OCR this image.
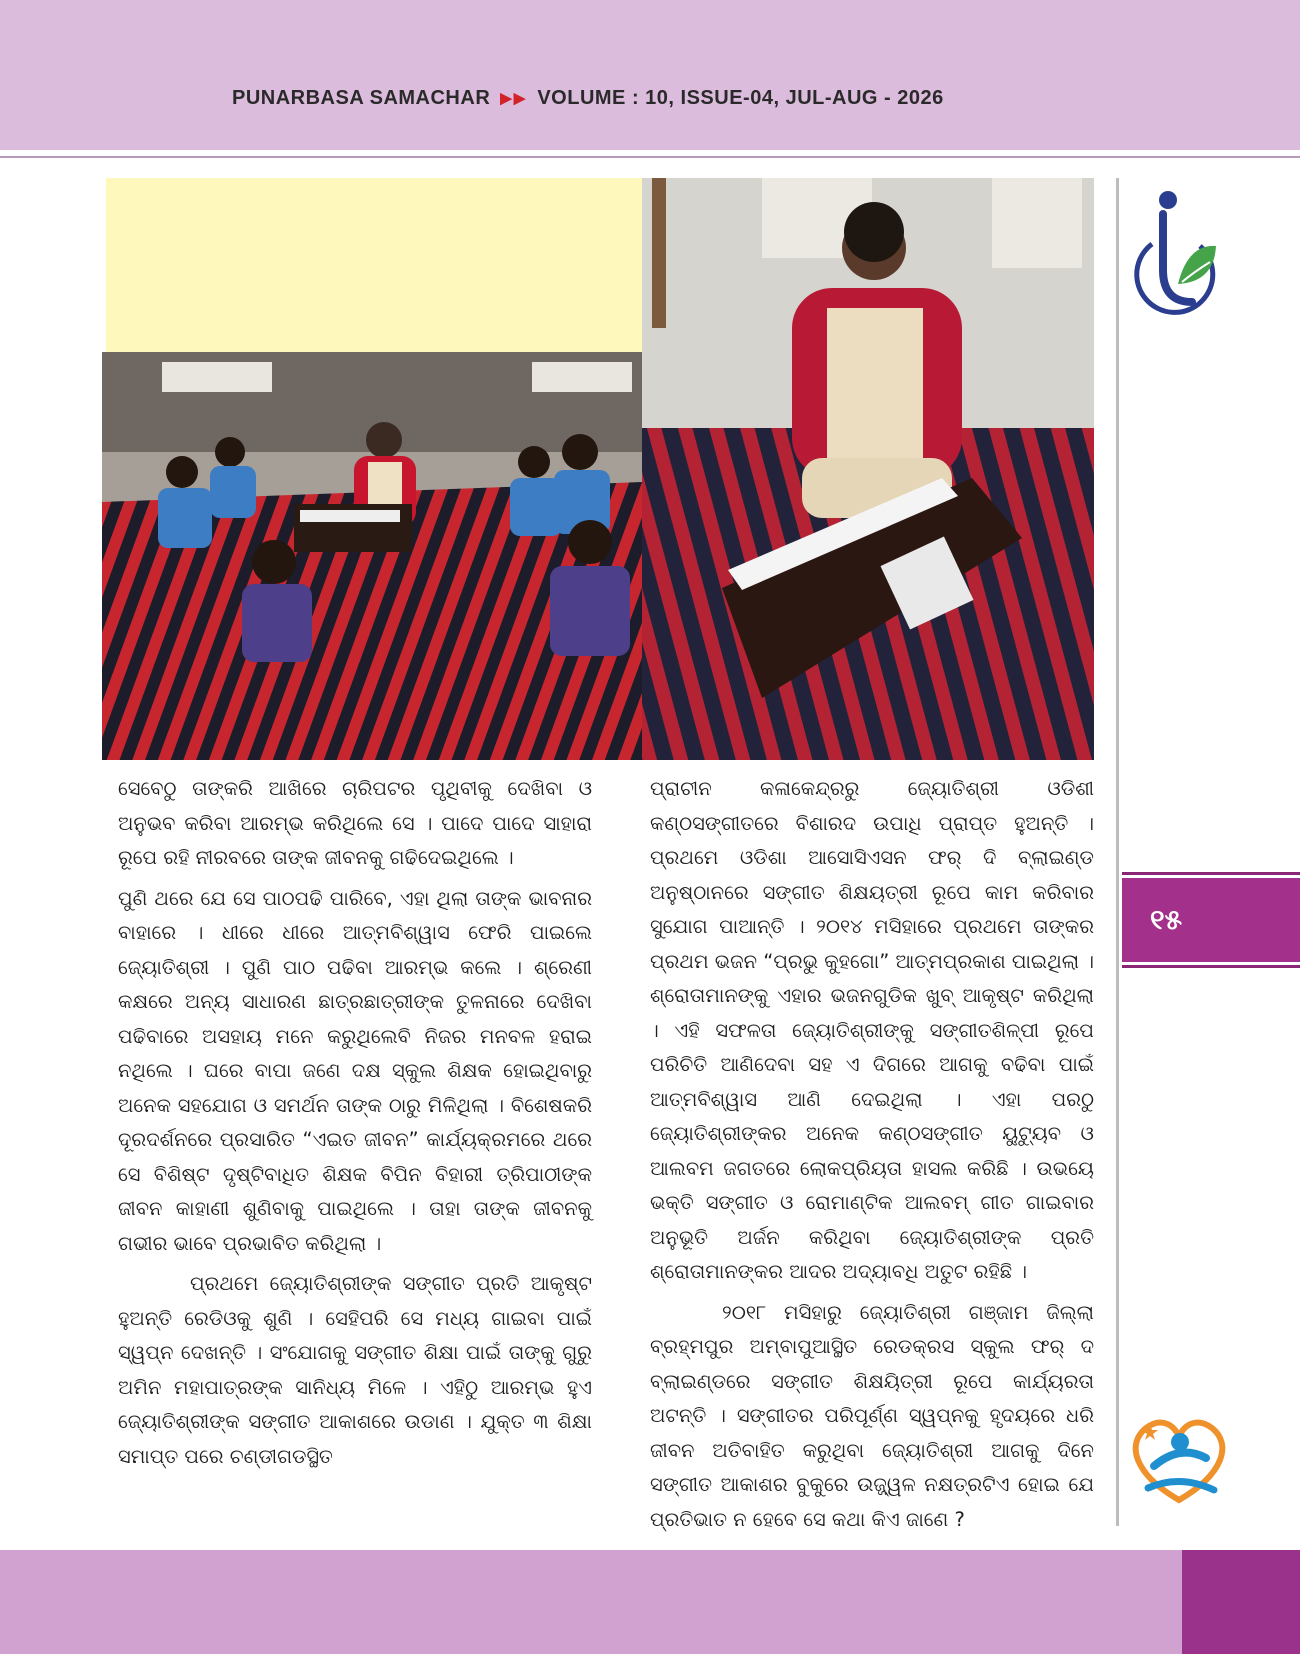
PUNARBASA SAMACHAR ▶▶ VOLUME : 10, ISSUE-04, JUL-AUG - 2026
୧୫

ସେବେଠୁ ତାଙ୍କରି ଆଖିରେ ଚାରିପଟର ପୃଥିବୀକୁ ଦେଖିବା ଓ ଅନୁଭବ କରିବା ଆରମ୍ଭ କରିଥିଲେ ସେ । ପାଦେ ପାଦେ ସାହାରା ରୂପେ ରହି ନୀରବରେ ତାଙ୍କ ଜୀବନକୁ ଗଢିଦେଇଥିଲେ ।

ପୁଣି ଥରେ ଯେ ସେ ପାଠପଢି ପାରିବେ, ଏହା ଥିଲା ତାଙ୍କ ଭାବନାର ବାହାରେ । ଧୀରେ ଧୀରେ ଆତ୍ମବିଶ୍ୱାସ ଫେରି ପାଇଲେ ଜ୍ୟୋତିଶ୍ରୀ । ପୁଣି ପାଠ ପଢିବା ଆରମ୍ଭ କଲେ । ଶ୍ରେଣୀ କକ୍ଷରେ ଅନ୍ୟ ସାଧାରଣ ଛାତ୍ରଛାତ୍ରୀଙ୍କ ତୁଳନାରେ ଦେଖିବା ପଢିବାରେ ଅସହାୟ ମନେ କରୁଥିଲେବି ନିଜର ମନବଳ ହରାଇ ନଥିଲେ । ଘରେ ବାପା ଜଣେ ଦକ୍ଷ ସ୍କୁଲ ଶିକ୍ଷକ ହୋଇଥିବାରୁ ଅନେକ ସହଯୋଗ ଓ ସମର୍ଥନ ତାଙ୍କ ଠାରୁ ମିଳିଥିଲା । ବିଶେଷକରି ଦୂରଦର୍ଶନରେ ପ୍ରସାରିତ “ଏଇତ ଜୀବନ” କାର୍ଯ୍ୟକ୍ରମରେ ଥରେ ସେ ବିଶିଷ୍ଟ ଦୃଷ୍ଟିବାଧିତ ଶିକ୍ଷକ ବିପିନ ବିହାରୀ ତ୍ରିପାଠୀଙ୍କ ଜୀବନ କାହାଣୀ ଶୁଣିବାକୁ ପାଇଥିଲେ । ତାହା ତାଙ୍କ ଜୀବନକୁ ଗଭୀର ଭାବେ ପ୍ରଭାବିତ କରିଥିଲା ।

ପ୍ରଥମେ ଜ୍ୟୋତିଶ୍ରୀଙ୍କ ସଙ୍ଗୀତ ପ୍ରତି ଆକୃଷ୍ଟ ହୁଅନ୍ତି ରେଡିଓକୁ ଶୁଣି । ସେହିପରି ସେ ମଧ୍ୟ ଗାଇବା ପାଇଁ ସ୍ୱପ୍ନ ଦେଖନ୍ତି । ସଂଯୋଗକୁ ସଙ୍ଗୀତ ଶିକ୍ଷା ପାଇଁ ତାଙ୍କୁ ଗୁରୁ ଅମିନ ମହାପାତ୍ରଙ୍କ ସାନିଧ୍ୟ ମିଳେ । ଏହିଠୁ ଆରମ୍ଭ ହୁଏ ଜ୍ୟୋତିଶ୍ରୀଙ୍କ ସଙ୍ଗୀତ ଆକାଶରେ ଉଡାଣ । ଯୁକ୍ତ ୩ ଶିକ୍ଷା ସମାପ୍ତ ପରେ ଚଣ୍ଡୀଗଡସ୍ଥିତ

ପ୍ରାଚୀନ କଳାକେନ୍ଦ୍ରରୁ ଜ୍ୟୋତିଶ୍ରୀ ଓଡିଶୀ କଣ୍ଠସଙ୍ଗୀତରେ ବିଶାରଦ ଉପାଧି ପ୍ରାପ୍ତ ହୁଅନ୍ତି । ପ୍ରଥମେ ଓଡିଶା ଆସୋସିଏସନ ଫର୍ ଦି ବ୍ଲାଇଣ୍ଡ ଅନୁଷ୍ଠାନରେ ସଙ୍ଗୀତ ଶିକ୍ଷୟତ୍ରୀ ରୂପେ କାମ କରିବାର ସୁଯୋଗ ପାଆନ୍ତି । ୨୦୧୪ ମସିହାରେ ପ୍ରଥମେ ତାଙ୍କର ପ୍ରଥମ ଭଜନ “ପ୍ରଭୁ କୁହଗୋ” ଆତ୍ମପ୍ରକାଶ ପାଇଥିଲା । ଶ୍ରୋତାମାନଙ୍କୁ ଏହାର ଭଜନଗୁଡିକ ଖୁବ୍ ଆକୃଷ୍ଟ କରିଥିଲା । ଏହି ସଫଳତା ଜ୍ୟୋତିଶ୍ରୀଙ୍କୁ ସଙ୍ଗୀତଶିଳ୍ପୀ ରୂପେ ପରିଚିତି ଆଣିଦେବା ସହ ଏ ଦିଗରେ ଆଗକୁ ବଢିବା ପାଇଁ ଆତ୍ମବିଶ୍ୱାସ ଆଣି ଦେଇଥିଲା । ଏହା ପରଠୁ ଜ୍ୟୋତିଶ୍ରୀଙ୍କର ଅନେକ କଣ୍ଠସଙ୍ଗୀତ ୟୁଟ୍ୟୁବ ଓ ଆଲବମ ଜଗତରେ ଲୋକପ୍ରିୟତା ହାସଲ କରିଛି । ଉଭୟେ ଭକ୍ତି ସଙ୍ଗୀତ ଓ ରୋମାଣ୍ଟିକ ଆଲବମ୍ ଗୀତ ଗାଇବାର ଅନୁଭୂତି ଅର୍ଜନ କରିଥିବା ଜ୍ୟୋତିଶ୍ରୀଙ୍କ ପ୍ରତି ଶ୍ରୋତାମାନଙ୍କର ଆଦର ଅଦ୍ୟାବଧି ଅତୁଟ ରହିଛି ।

୨୦୧୮ ମସିହାରୁ ଜ୍ୟୋତିଶ୍ରୀ ଗଞ୍ଜାମ ଜିଲ୍ଲା ବ୍ରହ୍ମପୁର ଅମ୍ବାପୁଆସ୍ଥିତ ରେଡକ୍ରସ ସ୍କୁଲ ଫର୍ ଦ ବ୍ଲାଇଣ୍ଡରେ ସଙ୍ଗୀତ ଶିକ୍ଷୟିତ୍ରୀ ରୂପେ କାର୍ଯ୍ୟରତା ଅଟନ୍ତି । ସଙ୍ଗୀତର ପରିପୂର୍ଣ୍ଣ ସ୍ୱପ୍ନକୁ ହୃଦୟରେ ଧରି ଜୀବନ ଅତିବାହିତ କରୁଥିବା ଜ୍ୟୋତିଶ୍ରୀ ଆଗକୁ ଦିନେ ସଙ୍ଗୀତ ଆକାଶର ବୁକୁରେ ଉଜ୍ଜ୍ୱଳ ନକ୍ଷତ୍ରଟିଏ ହୋଇ ଯେ ପ୍ରତିଭାତ ନ ହେବେ ସେ କଥା କିଏ ଜାଣେ ?
